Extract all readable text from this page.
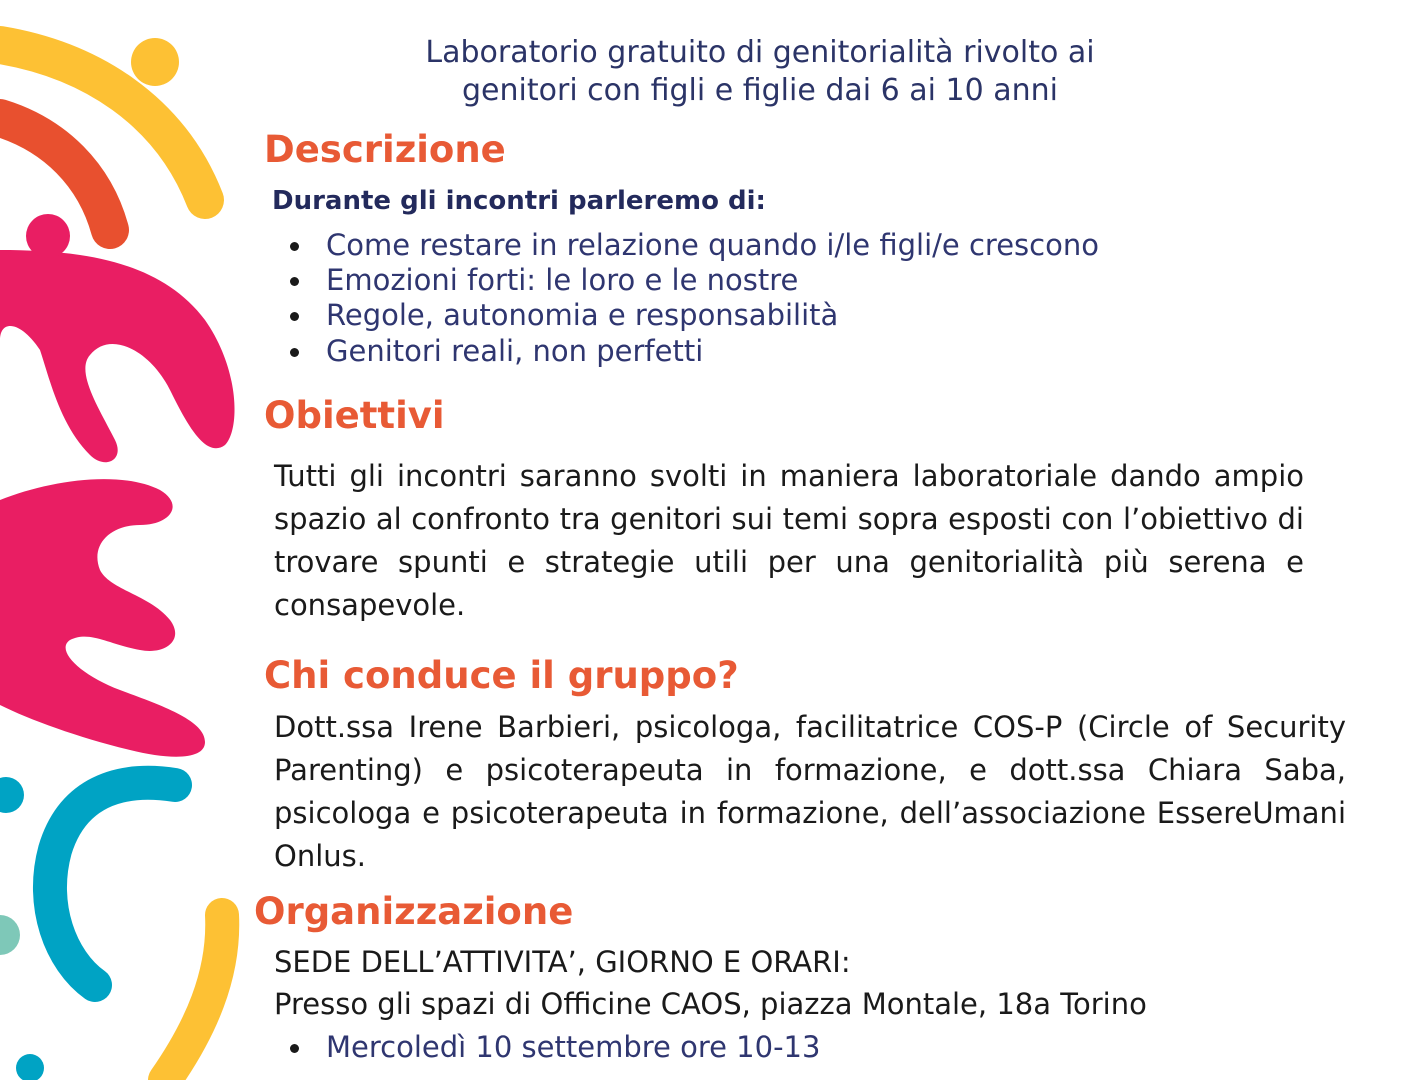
Laboratorio gratuito di genitorialità rivolto ai
genitori con figli e figlie dai 6 ai 10 anni
Descrizione
Durante gli incontri parleremo di:
Come restare in relazione quando i/le figli/e crescono
Emozioni forti: le loro e le nostre
Regole, autonomia e responsabilità
Genitori reali, non perfetti
Obiettivi

Tutti gli incontri saranno svolti in maniera laboratoriale dando ampio spazio al confronto tra genitori sui temi sopra esposti con l’obiettivo di trovare spunti e strategie utili per una genitorialità più serena e consapevole.

Chi conduce il gruppo?

Dott.ssa Irene Barbieri, psicologa, facilitatrice COS-P (Circle of Security Parenting) e psicoterapeuta in formazione, e dott.ssa Chiara Saba, psicologa e psicoterapeuta in formazione, dell’associazione EssereUmani Onlus.

Organizzazione
SEDE DELL’ATTIVITA’, GIORNO E ORARI:
Presso gli spazi di Officine CAOS, piazza Montale, 18a Torino
Mercoledì 10 settembre ore 10-13
